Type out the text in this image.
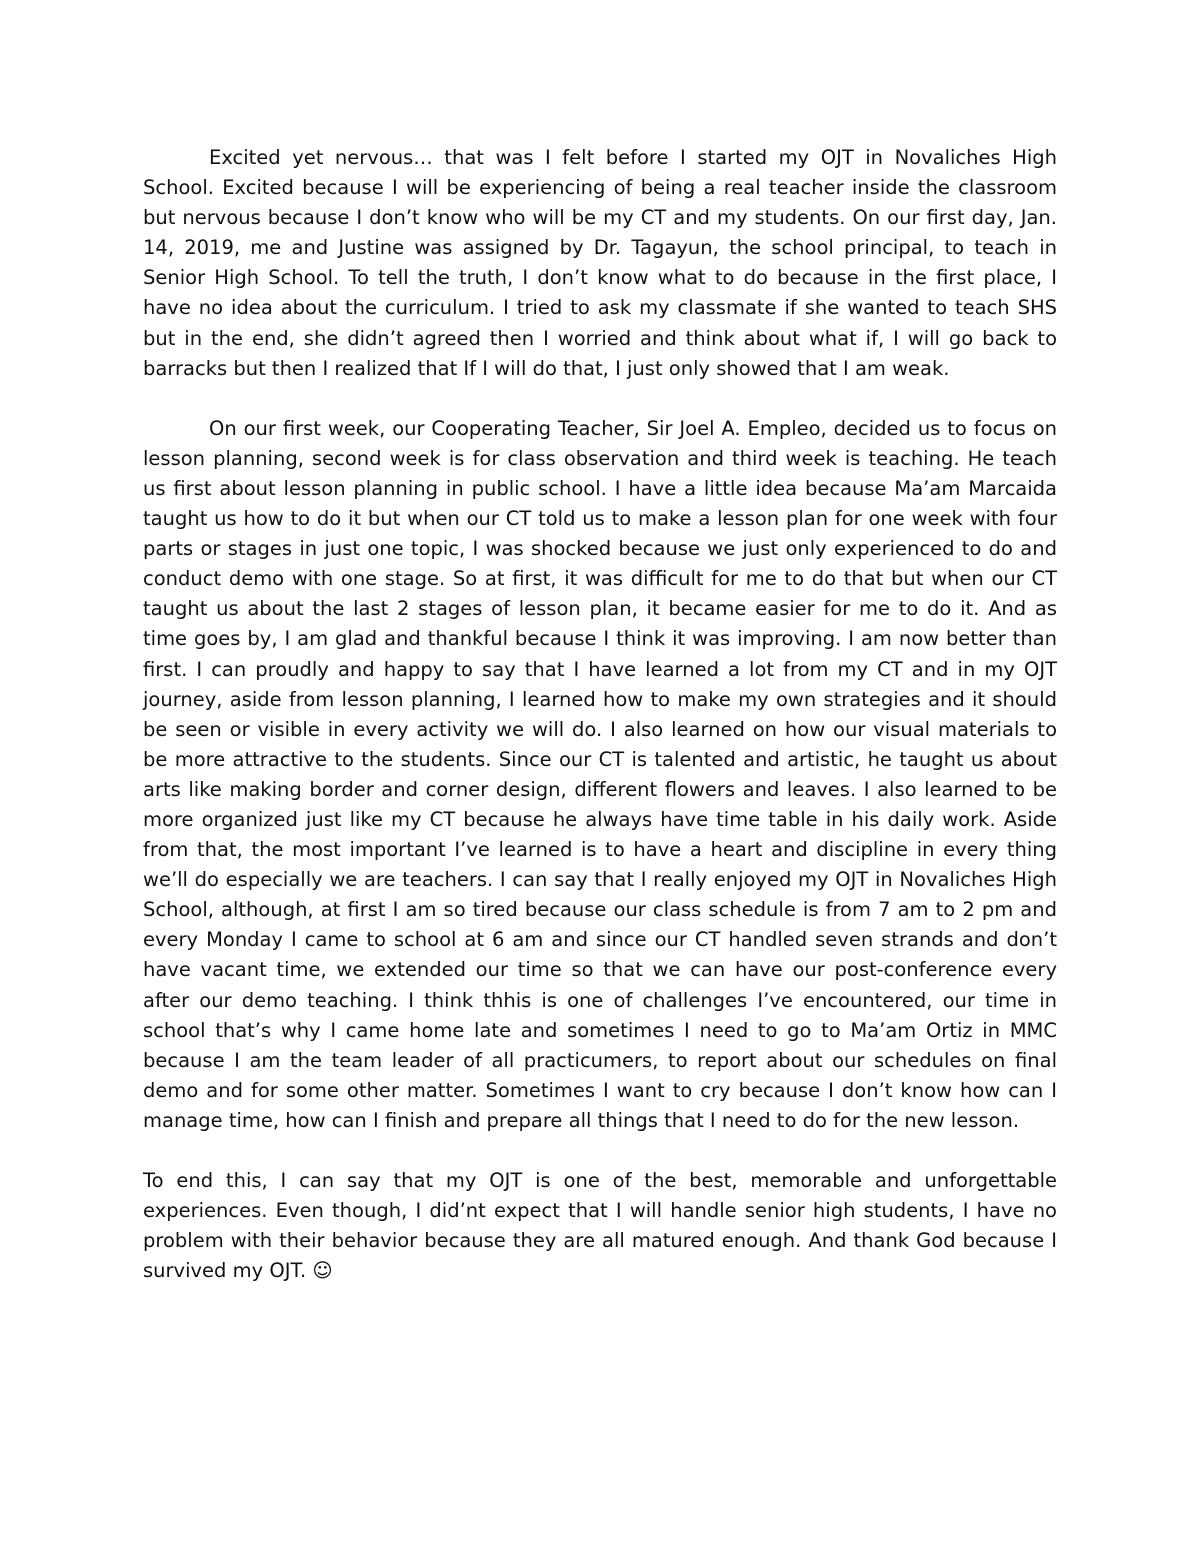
Excited yet nervous… that was I felt before I started my OJT in Novaliches High School. Excited because I will be experiencing of being a real teacher inside the classroom but nervous because I don’t know who will be my CT and my students. On our first day, Jan. 14, 2019, me and Justine was assigned by Dr. Tagayun, the school principal, to teach in Senior High School. To tell the truth, I don’t know what to do because in the first place, I have no idea about the curriculum. I tried to ask my classmate if she wanted to teach SHS but in the end, she didn’t agreed then I worried and think about what if, I will go back to barracks but then I realized that If I will do that, I just only showed that I am weak.

On our first week, our Cooperating Teacher, Sir Joel A. Empleo, decided us to focus on lesson planning, second week is for class observation and third week is teaching. He teach us first about lesson planning in public school. I have a little idea because Ma’am Marcaida taught us how to do it but when our CT told us to make a lesson plan for one week with four parts or stages in just one topic, I was shocked because we just only experienced to do and conduct demo with one stage. So at first, it was difficult for me to do that but when our CT taught us about the last 2 stages of lesson plan, it became easier for me to do it. And as time goes by, I am glad and thankful because I think it was improving. I am now better than first. I can proudly and happy to say that I have learned a lot from my CT and in my OJT journey, aside from lesson planning, I learned how to make my own strategies and it should be seen or visible in every activity we will do. I also learned on how our visual materials to be more attractive to the students. Since our CT is talented and artistic, he taught us about arts like making border and corner design, different flowers and leaves. I also learned to be more organized just like my CT because he always have time table in his daily work. Aside from that, the most important I’ve learned is to have a heart and discipline in every thing we’ll do especially we are teachers. I can say that I really enjoyed my OJT in Novaliches High School, although, at first I am so tired because our class schedule is from 7 am to 2 pm and every Monday I came to school at 6 am and since our CT handled seven strands and don’t have vacant time, we extended our time so that we can have our post-conference every after our demo teaching. I think thhis is one of challenges I’ve encountered, our time in school that’s why I came home late and sometimes I need to go to Ma’am Ortiz in MMC because I am the team leader of all practicumers, to report about our schedules on final demo and for some other matter. Sometimes I want to cry because I don’t know how can I manage time, how can I finish and prepare all things that I need to do for the new lesson.

To end this, I can say that my OJT is one of the best, memorable and unforgettable experiences. Even though, I did’nt expect that I will handle senior high students, I have no problem with their behavior because they are all matured enough. And thank God because I survived my OJT. ☺
